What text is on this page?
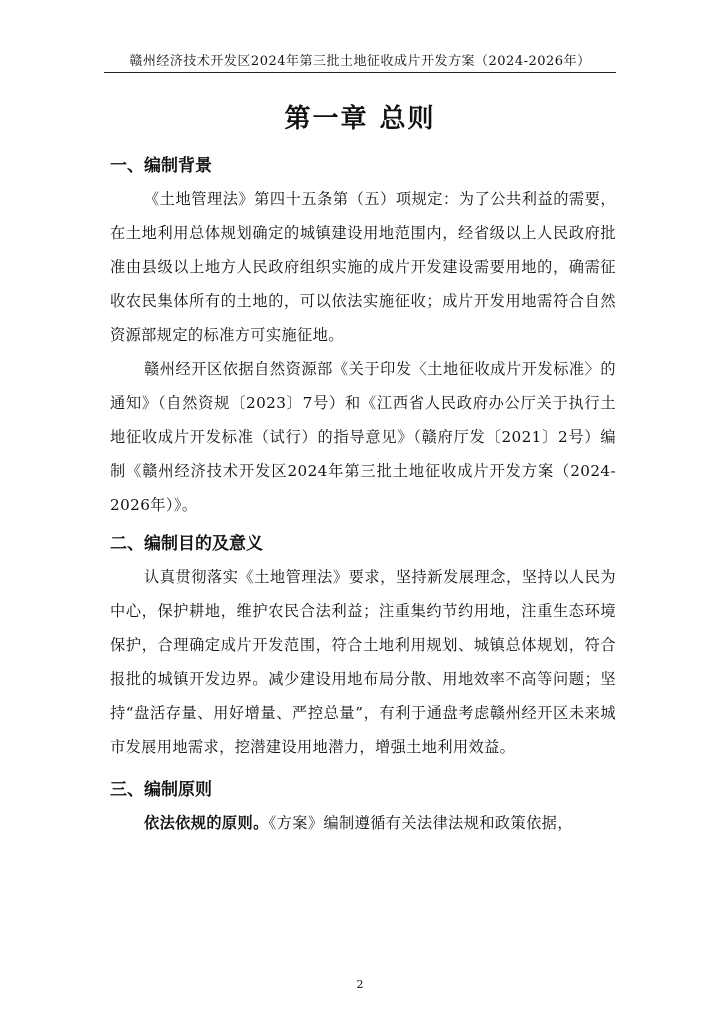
赣州经济技术开发区2024年第三批土地征收成片开发方案（2024-2026年）
第一章 总则
一、编制背景

《土地管理法》第四十五条第（五）项规定：为了公共利益的需要，在土地利用总体规划确定的城镇建设用地范围内，经省级以上人民政府批准由县级以上地方人民政府组织实施的成片开发建设需要用地的，确需征收农民集体所有的土地的，可以依法实施征收；成片开发用地需符合自然资源部规定的标准方可实施征地。

赣州经开区依据自然资源部《关于印发〈土地征收成片开发标准〉的通知》（自然资规〔2023〕7号）和《江西省人民政府办公厅关于执行土地征收成片开发标准（试行）的指导意见》（赣府厅发〔2021〕2号）编制《赣州经济技术开发区2024年第三批土地征收成片开发方案（2024-2026年）》。

二、编制目的及意义

认真贯彻落实《土地管理法》要求，坚持新发展理念，坚持以人民为中心，保护耕地，维护农民合法利益；注重集约节约用地，注重生态环境保护，合理确定成片开发范围，符合土地利用规划、城镇总体规划，符合报批的城镇开发边界。减少建设用地布局分散、用地效率不高等问题；坚持“盘活存量、用好增量、严控总量”，有利于通盘考虑赣州经开区未来城市发展用地需求，挖潜建设用地潜力，增强土地利用效益。

三、编制原则

依法依规的原则。《方案》编制遵循有关法律法规和政策依据，

2
